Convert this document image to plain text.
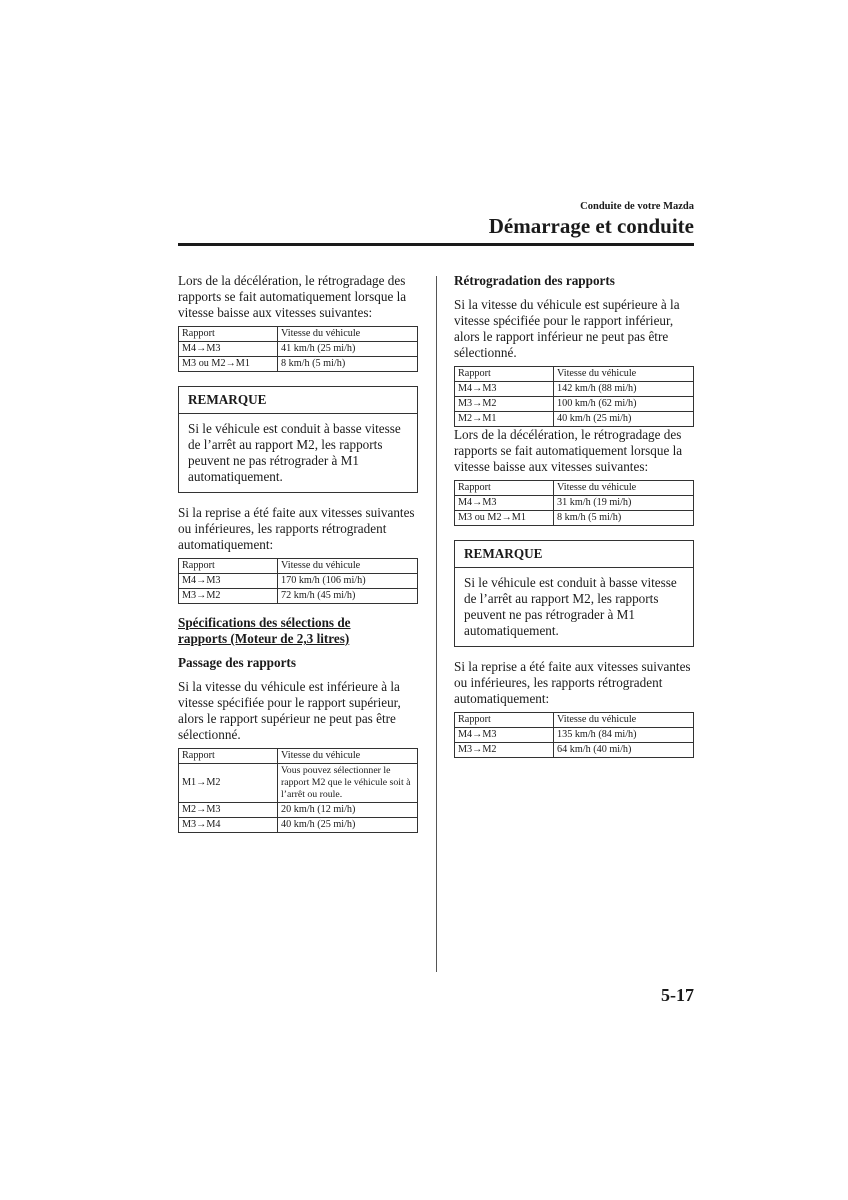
Conduite de votre Mazda
Démarrage et conduite

Lors de la décélération, le rétrogradage des rapports se fait automatiquement lorsque la vitesse baisse aux vitesses suivantes:

Rapport	Vitesse du véhicule
M4→M3	41 km/h (25 mi/h)
M3 ou M2→M1	8 km/h (5 mi/h)
REMARQUE
Si le véhicule est conduit à basse vitesse de l’arrêt au rapport M2, les rapports peuvent ne pas rétrograder à M1 automatiquement.

Si la reprise a été faite aux vitesses suivantes ou inférieures, les rapports rétrogradent automatiquement:

Rapport	Vitesse du véhicule
M4→M3	170 km/h (106 mi/h)
M3→M2	72 km/h (45 mi/h)

Spécifications des sélections de rapports (Moteur de 2,3 litres)

Passage des rapports

Si la vitesse du véhicule est inférieure à la vitesse spécifiée pour le rapport supérieur, alors le rapport supérieur ne peut pas être sélectionné.

Rapport	Vitesse du véhicule
M1→M2	Vous pouvez sélectionner le rapport M2 que le véhicule soit à l’arrêt ou roule.
M2→M3	20 km/h (12 mi/h)
M3→M4	40 km/h (25 mi/h)

Rétrogradation des rapports

Si la vitesse du véhicule est supérieure à la vitesse spécifiée pour le rapport inférieur, alors le rapport inférieur ne peut pas être sélectionné.

Rapport	Vitesse du véhicule
M4→M3	142 km/h (88 mi/h)
M3→M2	100 km/h (62 mi/h)
M2→M1	40 km/h (25 mi/h)

Lors de la décélération, le rétrogradage des rapports se fait automatiquement lorsque la vitesse baisse aux vitesses suivantes:

Rapport	Vitesse du véhicule
M4→M3	31 km/h (19 mi/h)
M3 ou M2→M1	8 km/h (5 mi/h)
REMARQUE
Si le véhicule est conduit à basse vitesse de l’arrêt au rapport M2, les rapports peuvent ne pas rétrograder à M1 automatiquement.

Si la reprise a été faite aux vitesses suivantes ou inférieures, les rapports rétrogradent automatiquement:

Rapport	Vitesse du véhicule
M4→M3	135 km/h (84 mi/h)
M3→M2	64 km/h (40 mi/h)
5-17
